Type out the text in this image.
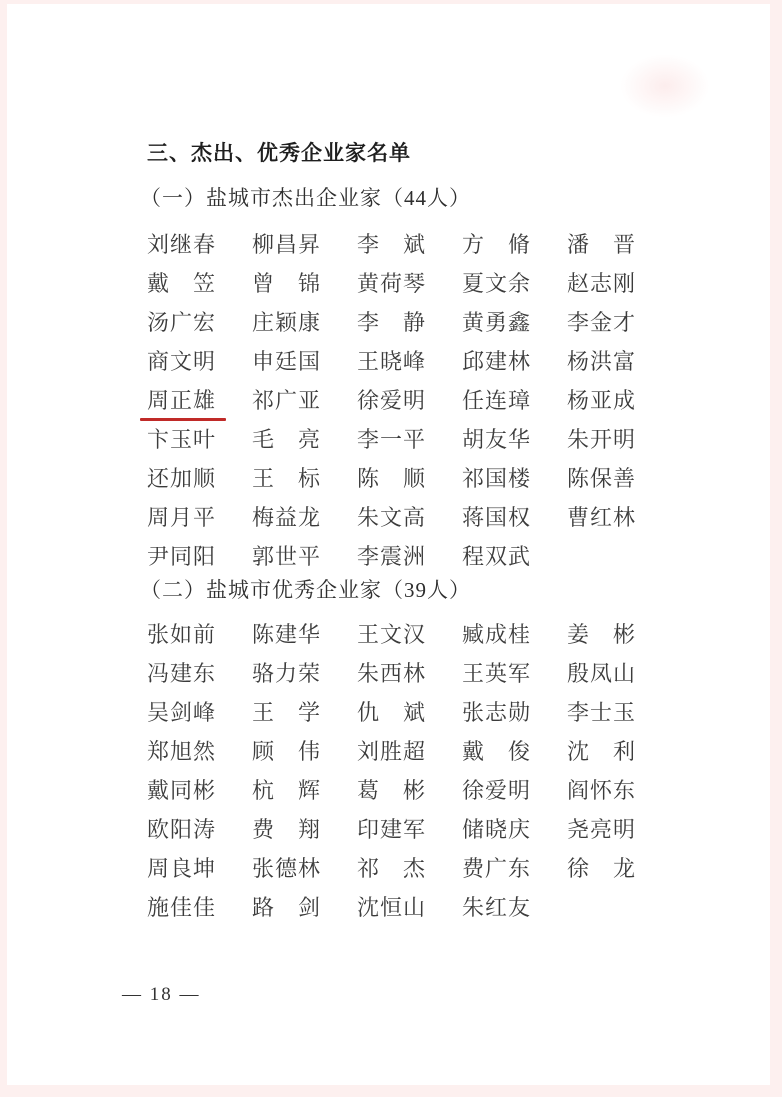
三、杰出、优秀企业家名单
（一）盐城市杰出企业家（44人）
刘继春 柳昌昇 李　斌 方　脩 潘　晋
戴　笠 曾　锦 黄荷琴 夏文余 赵志刚
汤广宏 庄颖康 李　静 黄勇鑫 李金才
商文明 申廷国 王晓峰 邱建林 杨洪富
周正雄 祁广亚 徐爱明 任连璋 杨亚成
卞玉叶 毛　亮 李一平 胡友华 朱开明
还加顺 王　标 陈　顺 祁国楼 陈保善
周月平 梅益龙 朱文高 蒋国权 曹红林
尹同阳 郭世平 李震洲 程双武
（二）盐城市优秀企业家（39人）
张如前 陈建华 王文汉 臧成桂 姜　彬
冯建东 骆力荣 朱西林 王英军 殷凤山
吴剑峰 王　学 仇　斌 张志勋 李士玉
郑旭然 顾　伟 刘胜超 戴　俊 沈　利
戴同彬 杭　辉 葛　彬 徐爱明 阎怀东
欧阳涛 费　翔 印建军 储晓庆 尧亮明
周良坤 张德林 祁　杰 费广东 徐　龙
施佳佳 路　剑 沈恒山 朱红友
— 18 —
